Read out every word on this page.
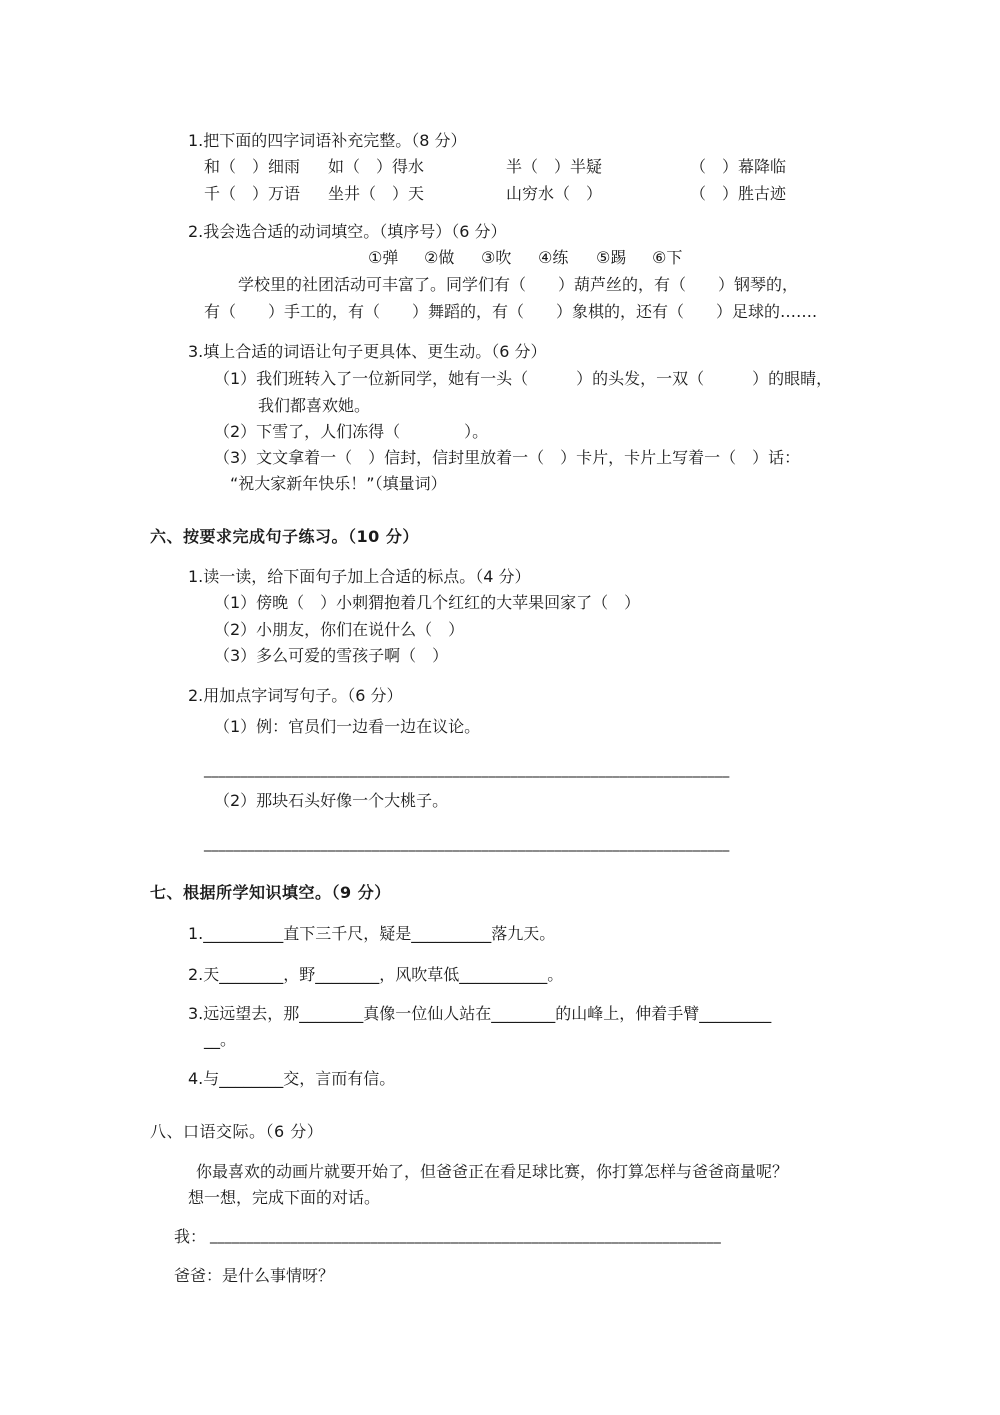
1.把下面的四字词语补充完整。（8 分）
和（　）细雨 如（　）得水	半（　）半疑	（　）幕降临
千（　）万语 坐井（　）天	山穷水（　）	（　）胜古迹
2.我会选合适的动词填空。（填序号）（6 分）
①弹 ②做 ③吹 ④练 ⑤踢 ⑥下
学校里的社团活动可丰富了。同学们有（　　）葫芦丝的，有（　　）钢琴的，
有（　　）手工的，有（　　）舞蹈的，有（　　）象棋的，还有（　　）足球的…….
3.填上合适的词语让句子更具体、更生动。（6 分）
（1）我们班转入了一位新同学，她有一头（　　　）的头发，一双（　　　）的眼睛，
我们都喜欢她。
（2）下雪了，人们冻得（　　　　）。
（3）文文拿着一（　）信封，信封里放着一（　）卡片，卡片上写着一（　）话：
“祝大家新年快乐！”（填量词）
六、按要求完成句子练习。（10 分）
1.读一读，给下面句子加上合适的标点。（4 分）
（1）傍晚（　）小刺猬抱着几个红红的大苹果回家了（　）
（2）小朋友，你们在说什么（　）
（3）多么可爱的雪孩子啊（　）
2.用加点字词写句子。（6 分）
（1）例：官员们一边看一边在议论。
________________________________________________________________________
（2）那块石头好像一个大桃子。
________________________________________________________________________
七、根据所学知识填空。（9 分）
1.__________直下三千尺，疑是__________落九天。
2.天________，野________，风吹草低___________。
3.远远望去，那________真像一位仙人站在________的山峰上，伸着手臂_________
__。
4.与________交，言而有信。
八、口语交际。（6 分）
你最喜欢的动画片就要开始了，但爸爸正在看足球比赛，你打算怎样与爸爸商量呢？
想一想，完成下面的对话。
我： ______________________________________________________________________
爸爸：是什么事情呀？
